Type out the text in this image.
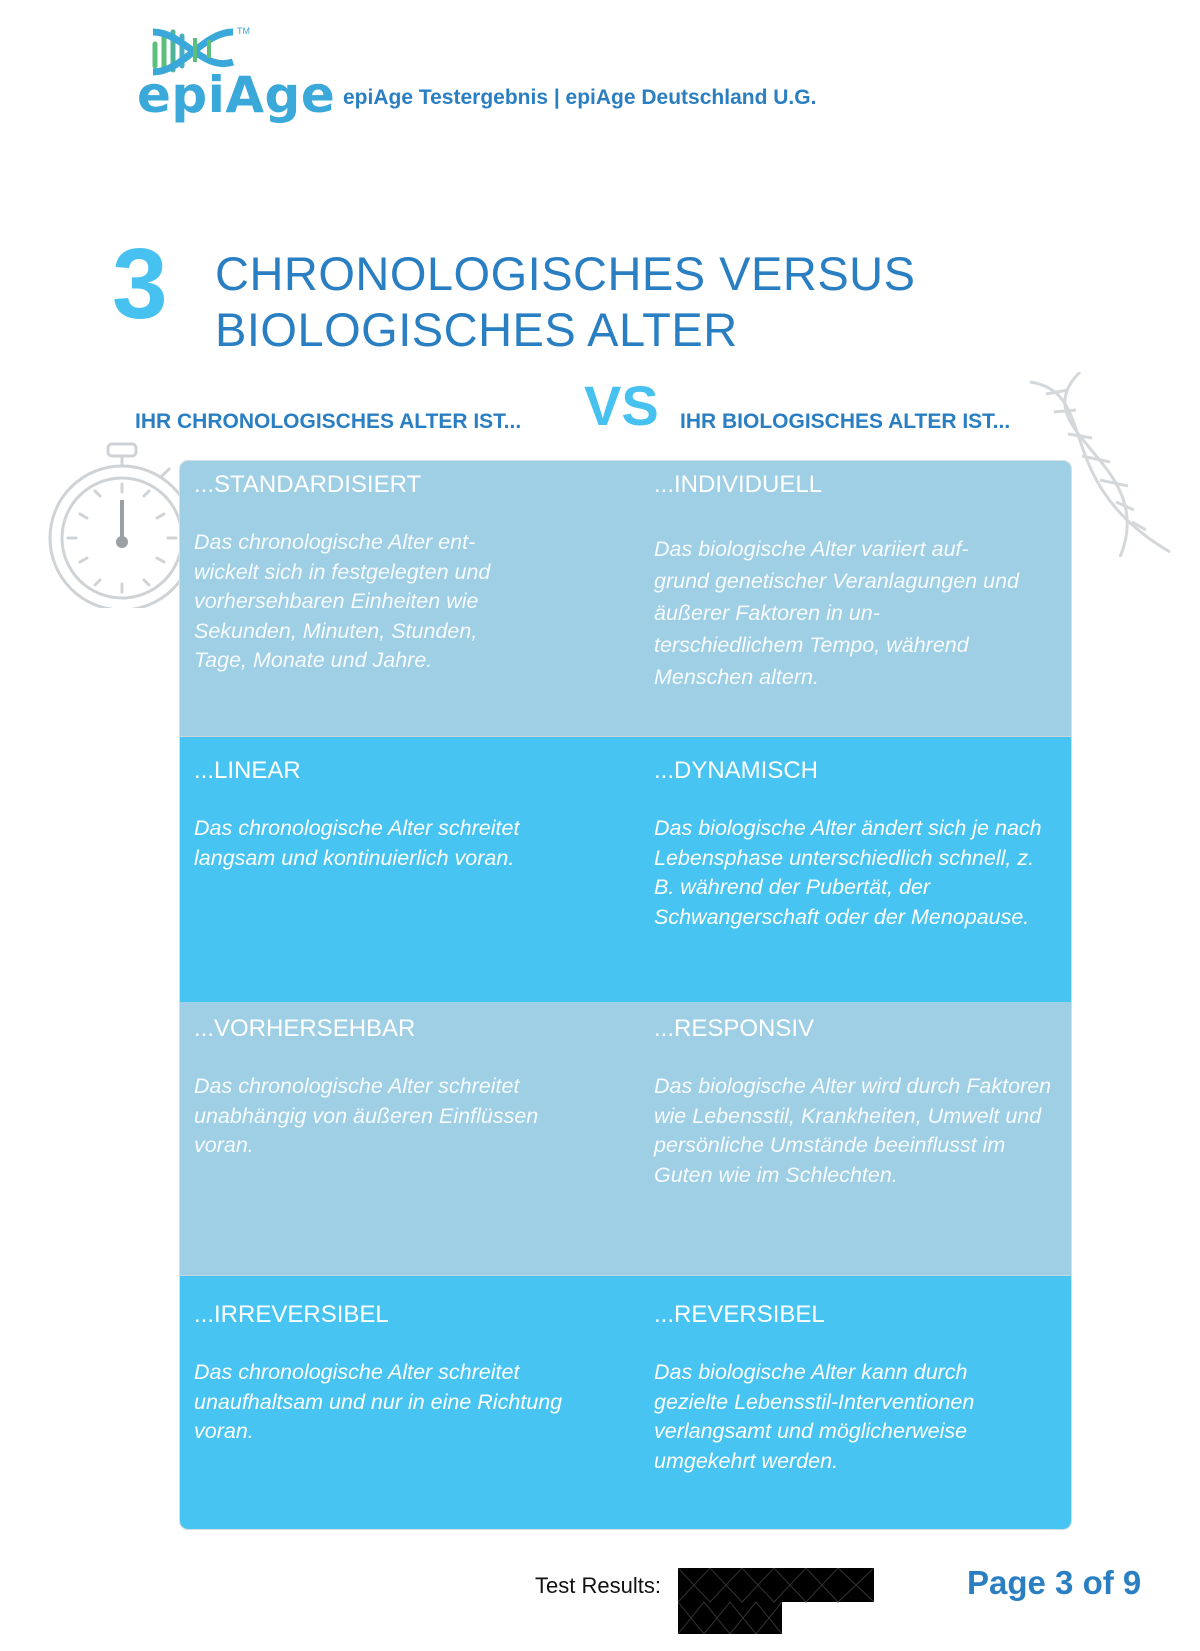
TM
epiAge epiAge Testergebnis | epiAge Deutschland U.G.
3 CHRONOLOGISCHES VERSUS
BIOLOGISCHES ALTER
IHR CHRONOLOGISCHES ALTER IST... VS IHR BIOLOGISCHES ALTER IST...
...STANDARDISIERT
Das chronologische Alter ent-wickelt sich in festgelegten und vorhersehbaren Einheiten wie Sekunden, Minuten, Stunden, Tage, Monate und Jahre.
...INDIVIDUELL
Das biologische Alter variiert auf-grund genetischer Veranlagungen und äußerer Faktoren in un-terschiedlichem Tempo, während Menschen altern.
...LINEAR
Das chronologische Alter schreitet langsam und kontinuierlich voran.
...DYNAMISCH
Das biologische Alter ändert sich je nach Lebensphase unterschiedlich schnell, z. B. während der Pubertät, der Schwangerschaft oder der Menopause.
...VORHERSEHBAR
Das chronologische Alter schreitet unabhängig von äußeren Einflüssen voran.
...RESPONSIV
Das biologische Alter wird durch Faktoren wie Lebensstil, Krankheiten, Umwelt und persönliche Umstände beeinflusst im Guten wie im Schlechten.
...IRREVERSIBEL
Das chronologische Alter schreitet unaufhaltsam und nur in eine Richtung voran.
...REVERSIBEL
Das biologische Alter kann durch gezielte Lebensstil-Interventionen verlangsamt und möglicherweise umgekehrt werden.
Test Results:	Page 3 of 9
